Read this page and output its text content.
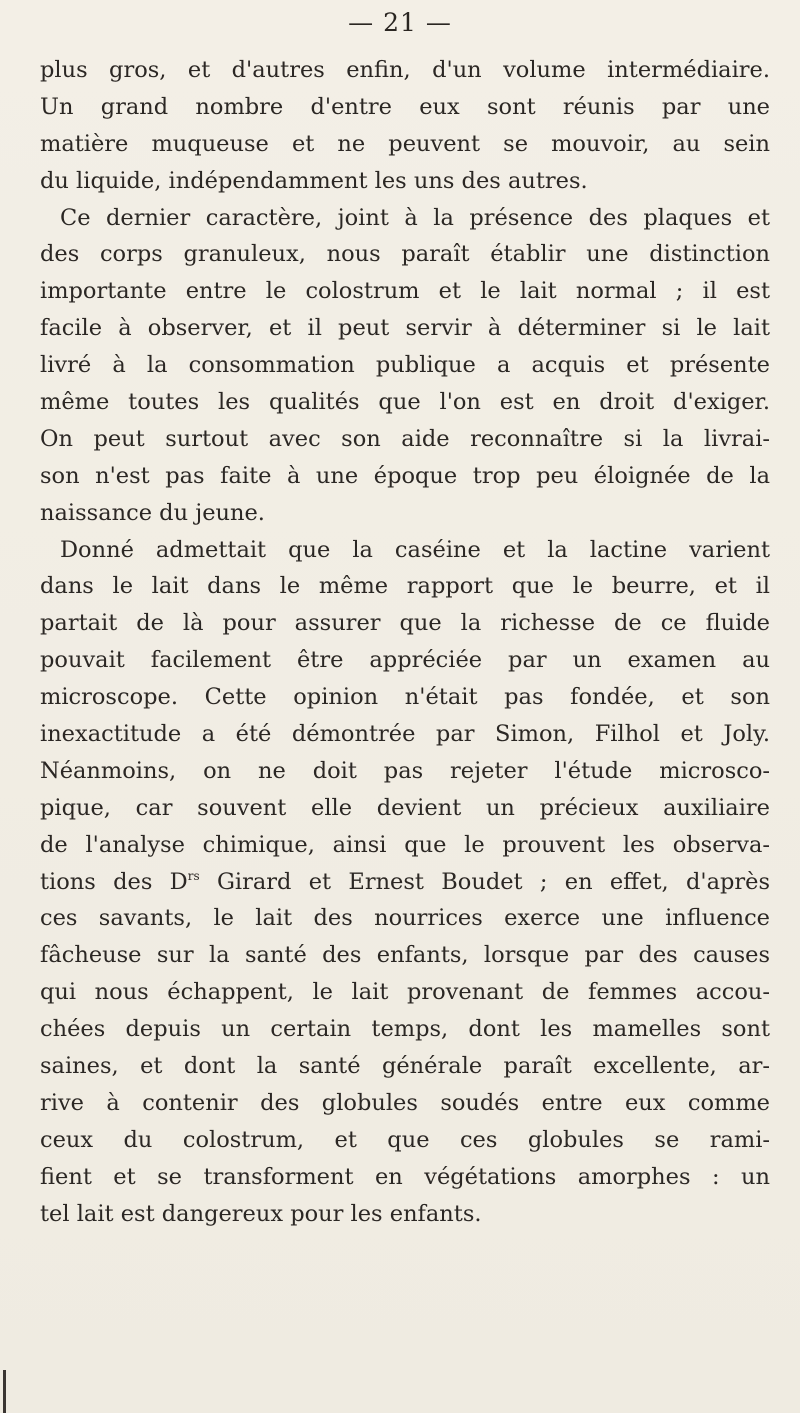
— 21 —
plus gros, et d'autres enfin, d'un volume intermédiaire.
Un grand nombre d'entre eux sont réunis par une
matière muqueuse et ne peuvent se mouvoir, au sein
du liquide, indépendamment les uns des autres.
Ce dernier caractère, joint à la présence des plaques et
des corps granuleux, nous paraît établir une distinction
importante entre le colostrum et le lait normal ; il est
facile à observer, et il peut servir à déterminer si le lait
livré à la consommation publique a acquis et présente
même toutes les qualités que l'on est en droit d'exiger.
On peut surtout avec son aide reconnaître si la livrai-
son n'est pas faite à une époque trop peu éloignée de la
naissance du jeune.
Donné admettait que la caséine et la lactine varient
dans le lait dans le même rapport que le beurre, et il
partait de là pour assurer que la richesse de ce fluide
pouvait facilement être appréciée par un examen au
microscope. Cette opinion n'était pas fondée, et son
inexactitude a été démontrée par Simon, Filhol et Joly.
Néanmoins, on ne doit pas rejeter l'étude microsco-
pique, car souvent elle devient un précieux auxiliaire
de l'analyse chimique, ainsi que le prouvent les observa-
tions des $D^{rs}$ Girard et Ernest Boudet ; en effet, d'après
ces savants, le lait des nourrices exerce une influence
fâcheuse sur la santé des enfants, lorsque par des causes
qui nous échappent, le lait provenant de femmes accou-
chées depuis un certain temps, dont les mamelles sont
saines, et dont la santé générale paraît excellente, ar-
rive à contenir des globules soudés entre eux comme
ceux du colostrum, et que ces globules se rami-
fient et se transforment en végétations amorphes : un
tel lait est dangereux pour les enfants.
